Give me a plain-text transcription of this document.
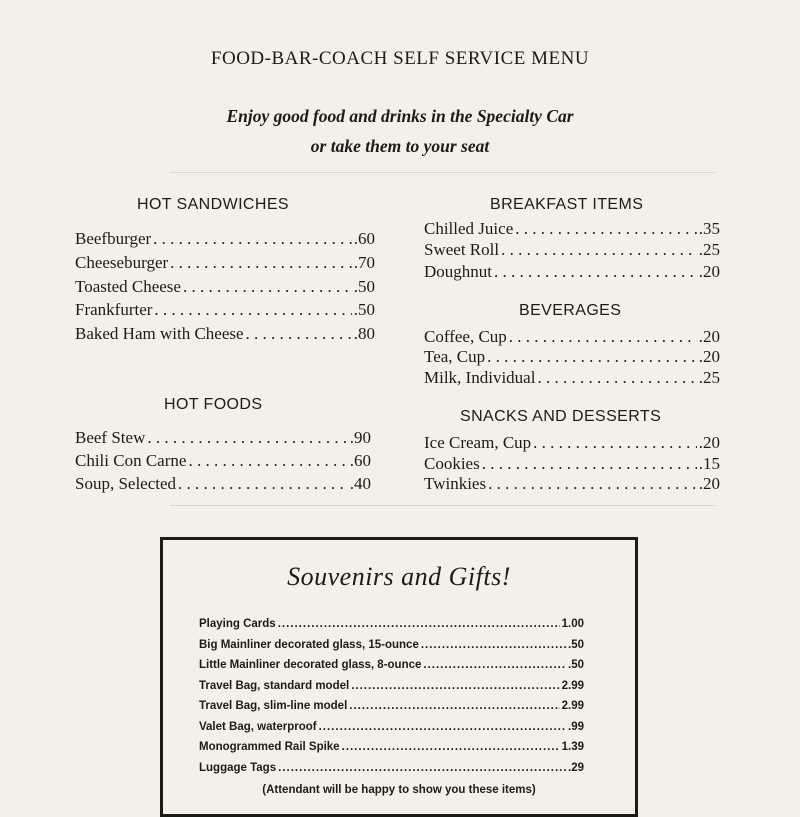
FOOD-BAR-COACH SELF SERVICE MENU
Enjoy good food and drinks in the Specialty Car
or take them to your seat
HOT SANDWICHES
Beefburger . . .	.60
Cheeseburger . . .	.70
Toasted Cheese . . .	.50
Frankfurter . . .	.50
Baked Ham with Cheese . . .	.80
HOT FOODS
Beef Stew . . .	.90
Chili Con Carne . . .	.60
Soup, Selected . . .	.40
BREAKFAST ITEMS
Chilled Juice . . .	.35
Sweet Roll . . .	.25
Doughnut . . .	.20
BEVERAGES
Coffee, Cup . . .	.20
Tea, Cup . . .	.20
Milk, Individual . . .	.25
SNACKS AND DESSERTS
Ice Cream, Cup . . .	.20
Cookies . . .	.15
Twinkies . . .	.20
Souvenirs and Gifts!
Playing Cards .....	1.00
Big Mainliner decorated glass, 15-ounce .....	.50
Little Mainliner decorated glass, 8-ounce .....	.50
Travel Bag, standard model .....	2.99
Travel Bag, slim-line model .....	2.99
Valet Bag, waterproof .....	.99
Monogrammed Rail Spike .....	1.39
Luggage Tags .....	.29
(Attendant will be happy to show you these items)
